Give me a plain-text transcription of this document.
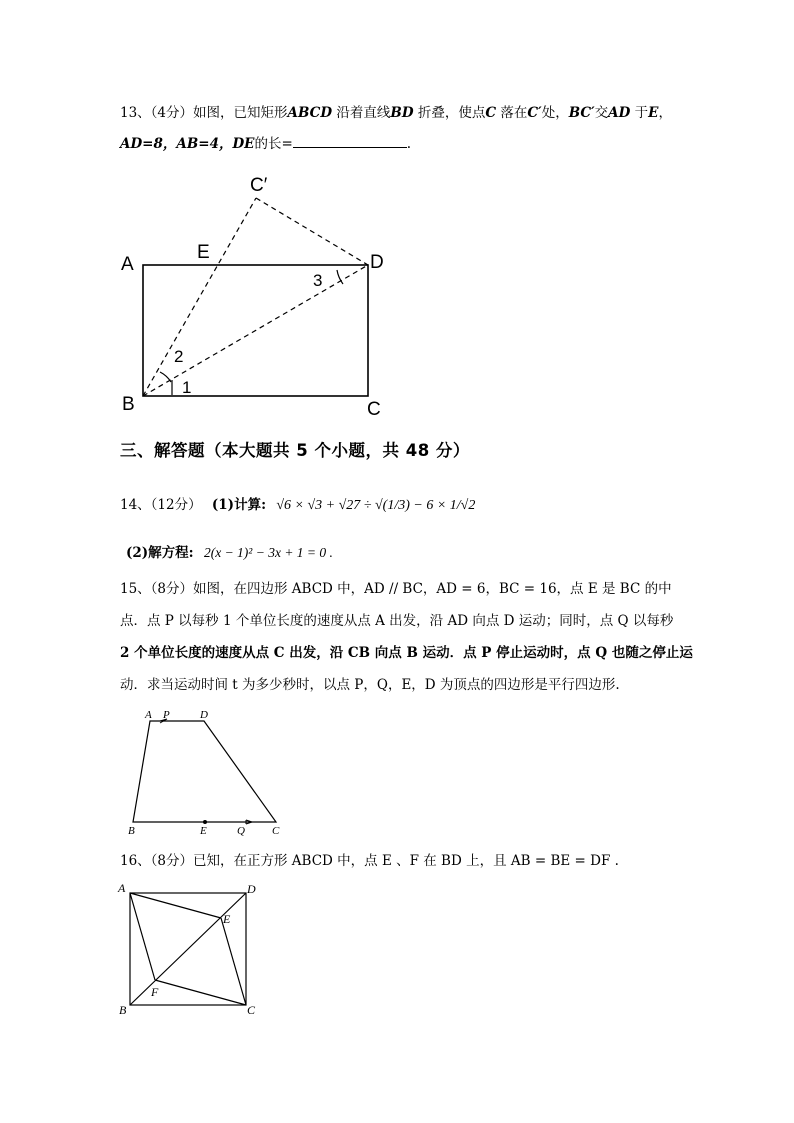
13、（4分）如图，已知矩形ABCD 沿着直线BD 折叠，使点C 落在C′处，BC′交AD 于E，
AD=8，AB=4，DE的长=	.
A
E
C′
D
B	C
1
2
3
A P	D
B	E	Q C
A	D
E
F
B	C
三、解答题（本大题共 5 个小题，共 48 分）
14、（12分） (1)计算: √6 × √3 + √27 ÷ √(1/3) − 6 × 1/√2
(2)解方程: 2(x − 1)² − 3x + 1 = 0 .
15、（8分）如图，在四边形 ABCD 中，AD // BC，AD = 6，BC = 16，点 E 是 BC 的中
点．点 P 以每秒 1 个单位长度的速度从点 A 出发，沿 AD 向点 D 运动；同时，点 Q 以每秒
2 个单位长度的速度从点 C 出发，沿 CB 向点 B 运动．点 P 停止运动时，点 Q 也随之停止运
动．求当运动时间 t 为多少秒时，以点 P，Q，E，D 为顶点的四边形是平行四边形.
16、（8分）已知，在正方形 ABCD 中，点 E 、F 在 BD 上，且 AB = BE = DF .
